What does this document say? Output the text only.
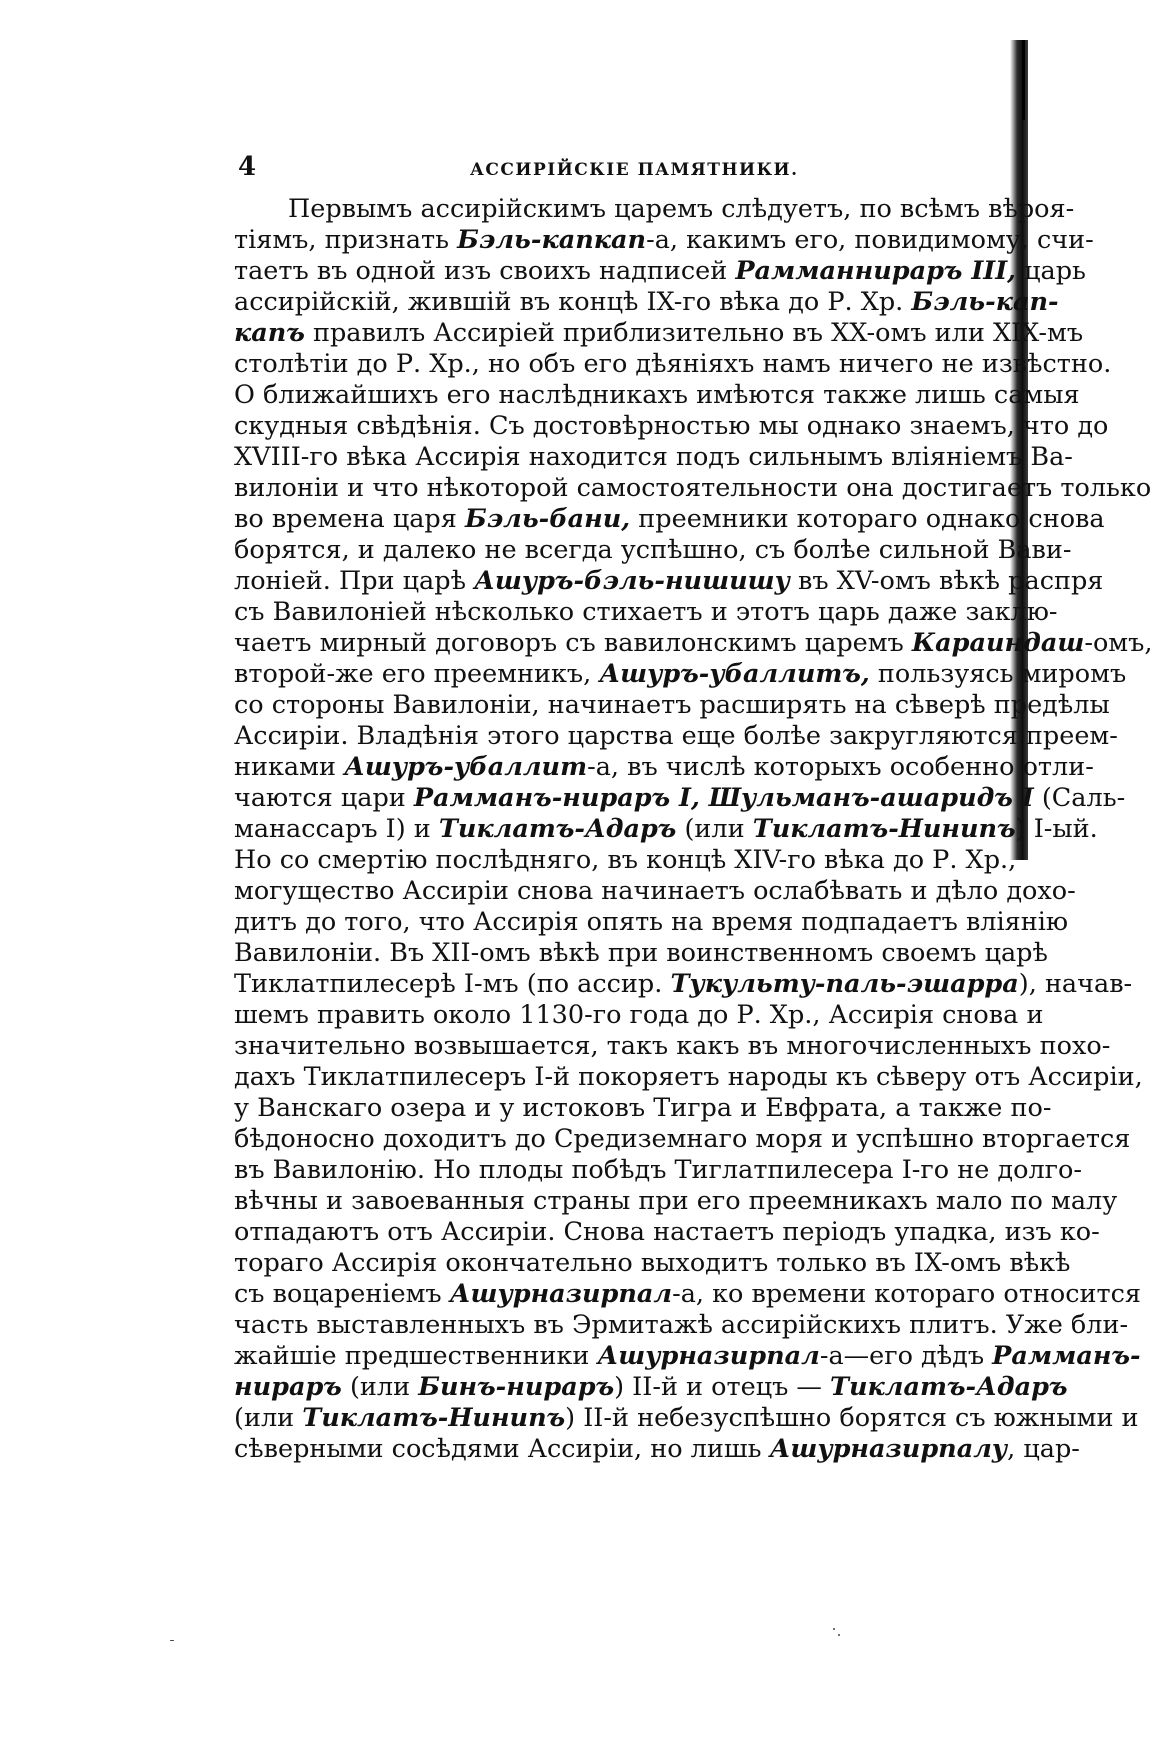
4	АССИРІЙСКІЕ ПАМЯТНИКИ.
Первымъ ассирійскимъ царемъ слѣдуетъ, по всѣмъ вѣроя-
тіямъ, признать Бэль-капкап-а, какимъ его, повидимому, счи-
таетъ въ одной изъ своихъ надписей Рамманнираръ III, царь
ассирійскій, жившій въ концѣ IX-го вѣка до Р. Хр. Бэль-кап-
капъ правилъ Ассиріей приблизительно въ XX-омъ или XIX-мъ
столѣтіи до Р. Хр., но объ его дѣяніяхъ намъ ничего не извѣстно.
О ближайшихъ его наслѣдникахъ имѣются также лишь самыя
скудныя свѣдѣнія. Съ достовѣрностью мы однако знаемъ, что до
XVIII-го вѣка Ассирія находится подъ сильнымъ вліяніемъ Ва-
вилоніи и что нѣкоторой самостоятельности она достигаетъ только
во времена царя Бэль-бани, преемники котораго однако снова
борятся, и далеко не всегда успѣшно, съ болѣе сильной Вави-
лоніей. При царѣ Ашуръ-бэль-нишишу въ XV-омъ вѣкѣ распря
съ Вавилоніей нѣсколько стихаетъ и этотъ царь даже заклю-
чаетъ мирный договоръ съ вавилонскимъ царемъ Караиндаш-омъ,
второй-же его преемникъ, Ашуръ-убаллитъ, пользуясь миромъ
со стороны Вавилоніи, начинаетъ расширять на сѣверѣ предѣлы
Ассиріи. Владѣнія этого царства еще болѣе закругляются преем-
никами Ашуръ-убаллит-а, въ числѣ которыхъ особенно отли-
чаются цари Рамманъ-нираръ I, Шульманъ-ашаридъ I (Саль-
манассаръ I) и Тиклатъ-Адаръ (или Тиклатъ-Нинипъ) I-ый.
Но со смертію послѣдняго, въ концѣ XIV-го вѣка до Р. Хр.,
могущество Ассиріи снова начинаетъ ослабѣвать и дѣло дохо-
дитъ до того, что Ассирія опять на время подпадаетъ вліянію
Вавилоніи. Въ XII-омъ вѣкѣ при воинственномъ своемъ царѣ
Тиклатпилесерѣ I-мъ (по ассир. Тукульту-паль-эшарра), начав-
шемъ править около 1130-го года до Р. Хр., Ассирія снова и
значительно возвышается, такъ какъ въ многочисленныхъ похо-
дахъ Тиклатпилесеръ I-й покоряетъ народы къ сѣверу отъ Ассиріи,
у Ванскаго озера и у истоковъ Тигра и Евфрата, а также по-
бѣдоносно доходитъ до Средиземнаго моря и успѣшно вторгается
въ Вавилонію. Но плоды побѣдъ Тиглатпилесера I-го не долго-
вѣчны и завоеванныя страны при его преемникахъ мало по малу
отпадаютъ отъ Ассиріи. Снова настаетъ періодъ упадка, изъ ко-
тораго Ассирія окончательно выходитъ только въ IX-омъ вѣкѣ
съ воцареніемъ Ашурназирпал-а, ко времени котораго относится
часть выставленныхъ въ Эрмитажѣ ассирійскихъ плитъ. Уже бли-
жайшіе предшественники Ашурназирпал-а—его дѣдъ Рамманъ-
нираръ (или Бинъ-нираръ) II-й и отецъ — Тиклатъ-Адаръ
(или Тиклатъ-Нинипъ) II-й небезуспѣшно борятся съ южными и
сѣверными сосѣдями Ассиріи, но лишь Ашурназирпалу, цар-
